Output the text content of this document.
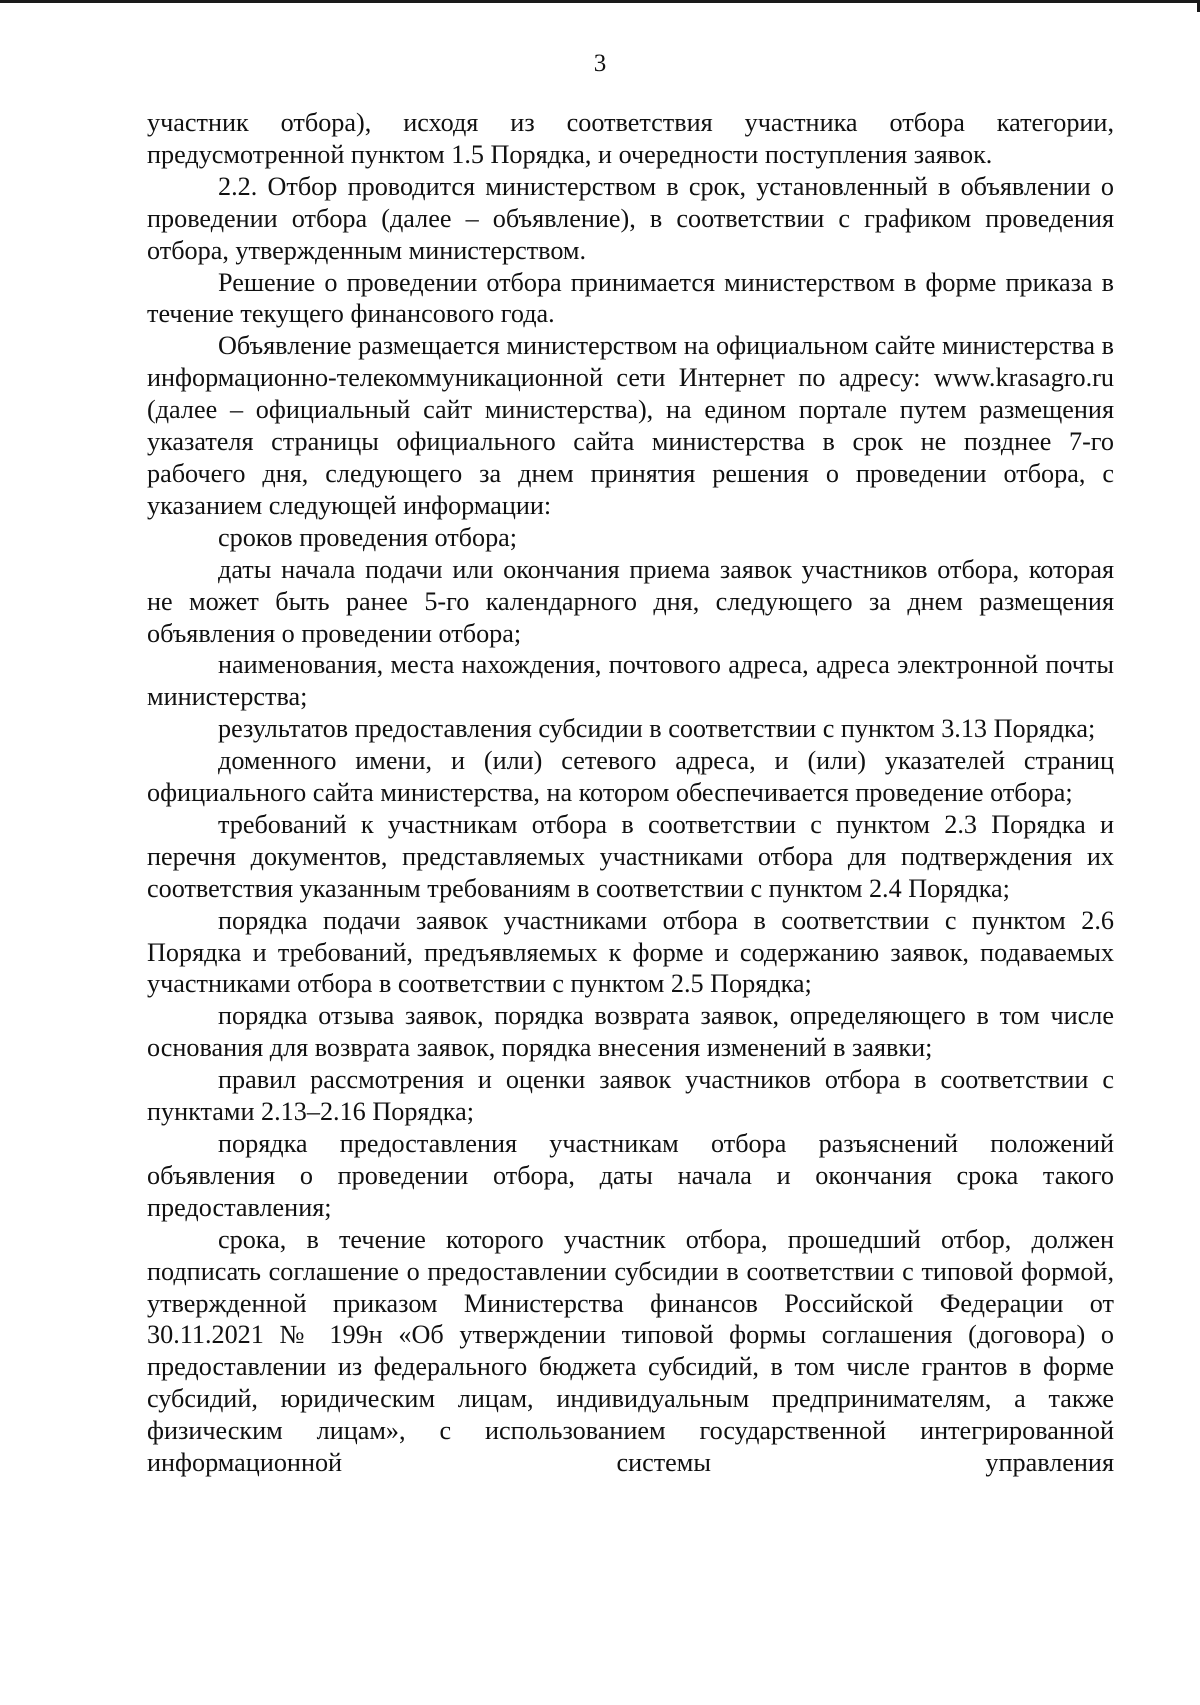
3

участник отбора), исходя из соответствия участника отбора категории, предусмотренной пунктом 1.5 Порядка, и очередности поступления заявок.

2.2. Отбор проводится министерством в срок, установленный в объявлении о проведении отбора (далее – объявление), в соответствии с графиком проведения отбора, утвержденным министерством.

Решение о проведении отбора принимается министерством в форме приказа в течение текущего финансового года.

Объявление размещается министерством на официальном сайте министерства в информационно-телекоммуникационной сети Интернет по адресу: www.krasagro.ru (далее – официальный сайт министерства), на едином портале путем размещения указателя страницы официального сайта министерства в срок не позднее 7-го рабочего дня, следующего за днем принятия решения о проведении отбора, с указанием следующей информации:

сроков проведения отбора;

даты начала подачи или окончания приема заявок участников отбора, которая не может быть ранее 5-го календарного дня, следующего за днем размещения объявления о проведении отбора;

наименования, места нахождения, почтового адреса, адреса электронной почты министерства;

результатов предоставления субсидии в соответствии с пунктом 3.13 Порядка;

доменного имени, и (или) сетевого адреса, и (или) указателей страниц официального сайта министерства, на котором обеспечивается проведение отбора;

требований к участникам отбора в соответствии с пунктом 2.3 Порядка и перечня документов, представляемых участниками отбора для подтверждения их соответствия указанным требованиям в соответствии с пунктом 2.4 Порядка;

порядка подачи заявок участниками отбора в соответствии с пунктом 2.6 Порядка и требований, предъявляемых к форме и содержанию заявок, подаваемых участниками отбора в соответствии с пунктом 2.5 Порядка;

порядка отзыва заявок, порядка возврата заявок, определяющего в том числе основания для возврата заявок, порядка внесения изменений в заявки;

правил рассмотрения и оценки заявок участников отбора в соответствии с пунктами 2.13–2.16 Порядка;

порядка предоставления участникам отбора разъяснений положений объявления о проведении отбора, даты начала и окончания срока такого предоставления;

срока, в течение которого участник отбора, прошедший отбор, должен подписать соглашение о предоставлении субсидии в соответствии с типовой формой, утвержденной приказом Министерства финансов Российской Федерации от 30.11.2021 № 199н «Об утверждении типовой формы соглашения (договора) о предоставлении из федерального бюджета субсидий, в том числе грантов в форме субсидий, юридическим лицам, индивидуальным предпринимателям, а также физическим лицам», с использованием государственной интегрированной информационной системы управления
